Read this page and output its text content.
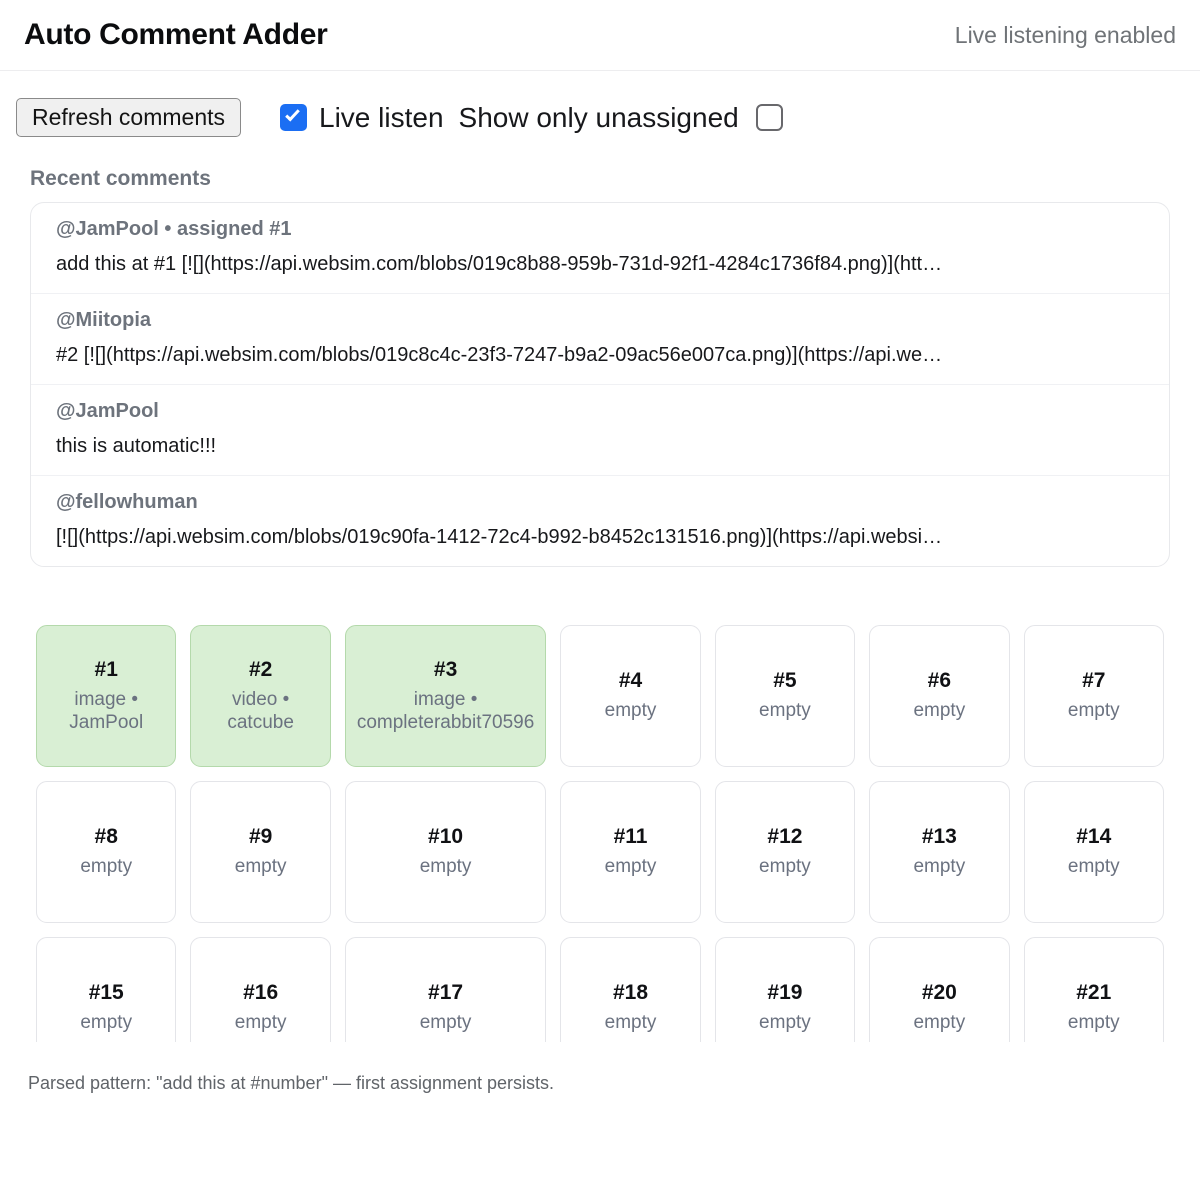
Auto Comment Adder	Live listening enabled
Refresh comments	Live listen Show only unassigned
Recent comments
@JamPool • assigned #1
add this at #1 [![](https://api.websim.com/blobs/019c8b88-959b-731d-92f1-4284c1736f84.png)](htt…
@Miitopia
#2 [![](https://api.websim.com/blobs/019c8c4c-23f3-7247-b9a2-09ac56e007ca.png)](https://api.we…
@JamPool
this is automatic!!!
@fellowhuman
[![](https://api.websim.com/blobs/019c90fa-1412-72c4-b992-b8452c131516.png)](https://api.websi…
#1
image • JamPool
#2
video • catcube
#3
image • completerabbit70596
#4
empty
#5
empty
#6
empty
#7
empty
#8
empty
#9
empty
#10
empty
#11
empty
#12
empty
#13
empty
#14
empty
#15
empty
#16
empty
#17
empty
#18
empty
#19
empty
#20
empty
#21
empty

Parsed pattern: "add this at #number" — first assignment persists.
